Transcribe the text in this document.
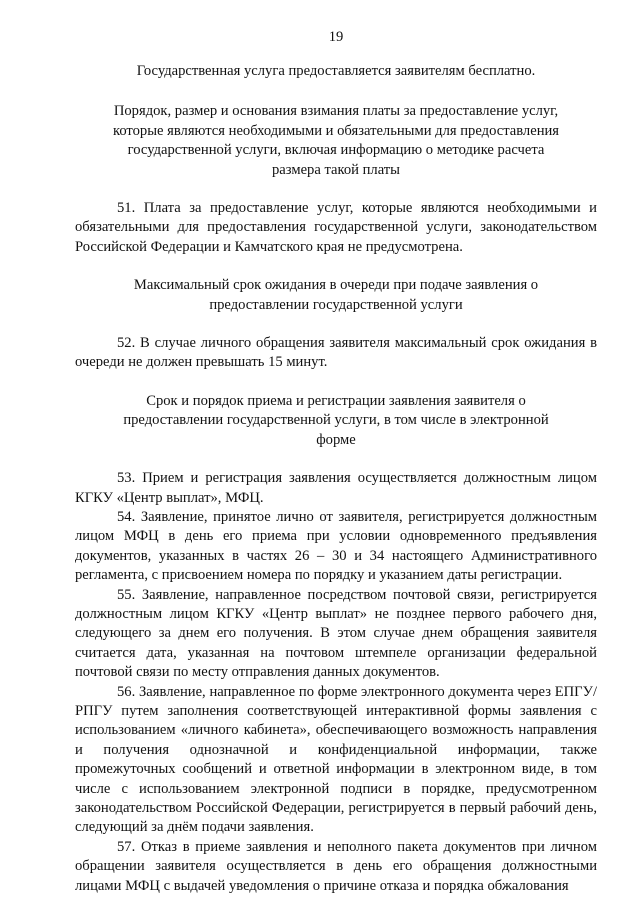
19

Государственная услуга предоставляется заявителям бесплатно.

Порядок, размер и основания взимания платы за предоставление услуг, которые являются необходимыми и обязательными для предоставления государственной услуги, включая информацию о методике расчета размера такой платы

51. Плата за предоставление услуг, которые являются необходимыми и обязательными для предоставления государственной услуги, законодательством Российской Федерации и Камчатского края не предусмотрена.

Максимальный срок ожидания в очереди при подаче заявления о предоставлении государственной услуги

52. В случае личного обращения заявителя максимальный срок ожидания в очереди не должен превышать 15 минут.

Срок и порядок приема и регистрации заявления заявителя о предоставлении государственной услуги, в том числе в электронной форме

53. Прием и регистрация заявления осуществляется должностным лицом КГКУ «Центр выплат», МФЦ.

54. Заявление, принятое лично от заявителя, регистрируется должностным лицом МФЦ в день его приема при условии одновременного предъявления документов, указанных в частях 26 – 30 и 34 настоящего Административного регламента, с присвоением номера по порядку и указанием даты регистрации.

55. Заявление, направленное посредством почтовой связи, регистрируется должностным лицом КГКУ «Центр выплат» не позднее первого рабочего дня, следующего за днем его получения. В этом случае днем обращения заявителя считается дата, указанная на почтовом штемпеле организации федеральной почтовой связи по месту отправления данных документов.

56. Заявление, направленное по форме электронного документа через ЕПГУ/РПГУ путем заполнения соответствующей интерактивной формы заявления с использованием «личного кабинета», обеспечивающего возможность направления и получения однозначной и конфиденциальной информации, также промежуточных сообщений и ответной информации в электронном виде, в том числе с использованием электронной подписи в порядке, предусмотренном законодательством Российской Федерации, регистрируется в первый рабочий день, следующий за днём подачи заявления.

57. Отказ в приеме заявления и неполного пакета документов при личном обращении заявителя осуществляется в день его обращения должностными лицами МФЦ с выдачей уведомления о причине отказа и порядка обжалования
